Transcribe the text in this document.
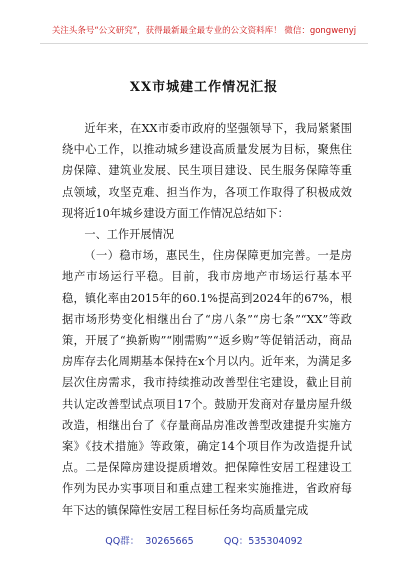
关注头条号“公文研究”，获得最新最全最专业的公文资料库！ 微信：gongwenyj
XX市城建工作情况汇报

近年来，在XX市委市政府的坚强领导下，我局紧紧围绕中心工作，以推动城乡建设高质量发展为目标，聚焦住房保障、建筑业发展、民生项目建设、民生服务保障等重点领域，攻坚克难、担当作为，各项工作取得了积极成效现将近10年城乡建设方面工作情况总结如下：

一、工作开展情况

（一）稳市场，惠民生，住房保障更加完善。一是房地产市场运行平稳。目前，我市房地产市场运行基本平稳，镇化率由2015年的60.1%提高到2024年的67%，根据市场形势变化相继出台了“房八条”“房七条”“XX”等政策，开展了“换新购”“刚需购”“返乡购”等促销活动，商品房库存去化周期基本保持在x个月以内。近年来，为满足多层次住房需求，我市持续推动改善型住宅建设，截止目前共认定改善型试点项目17个。鼓励开发商对存量房屋升级改造，相继出台了《存量商品房准改善型改建提升实施方案》《技术措施》等政策，确定14个项目作为改造提升试点。二是保障房建设提质增效。把保障性安居工程建设工作列为民办实事项目和重点建工程来实施推进，省政府每年下达的镇保障性安居工程目标任务均高质量完成

QQ群：  30265665          QQ：535304092
